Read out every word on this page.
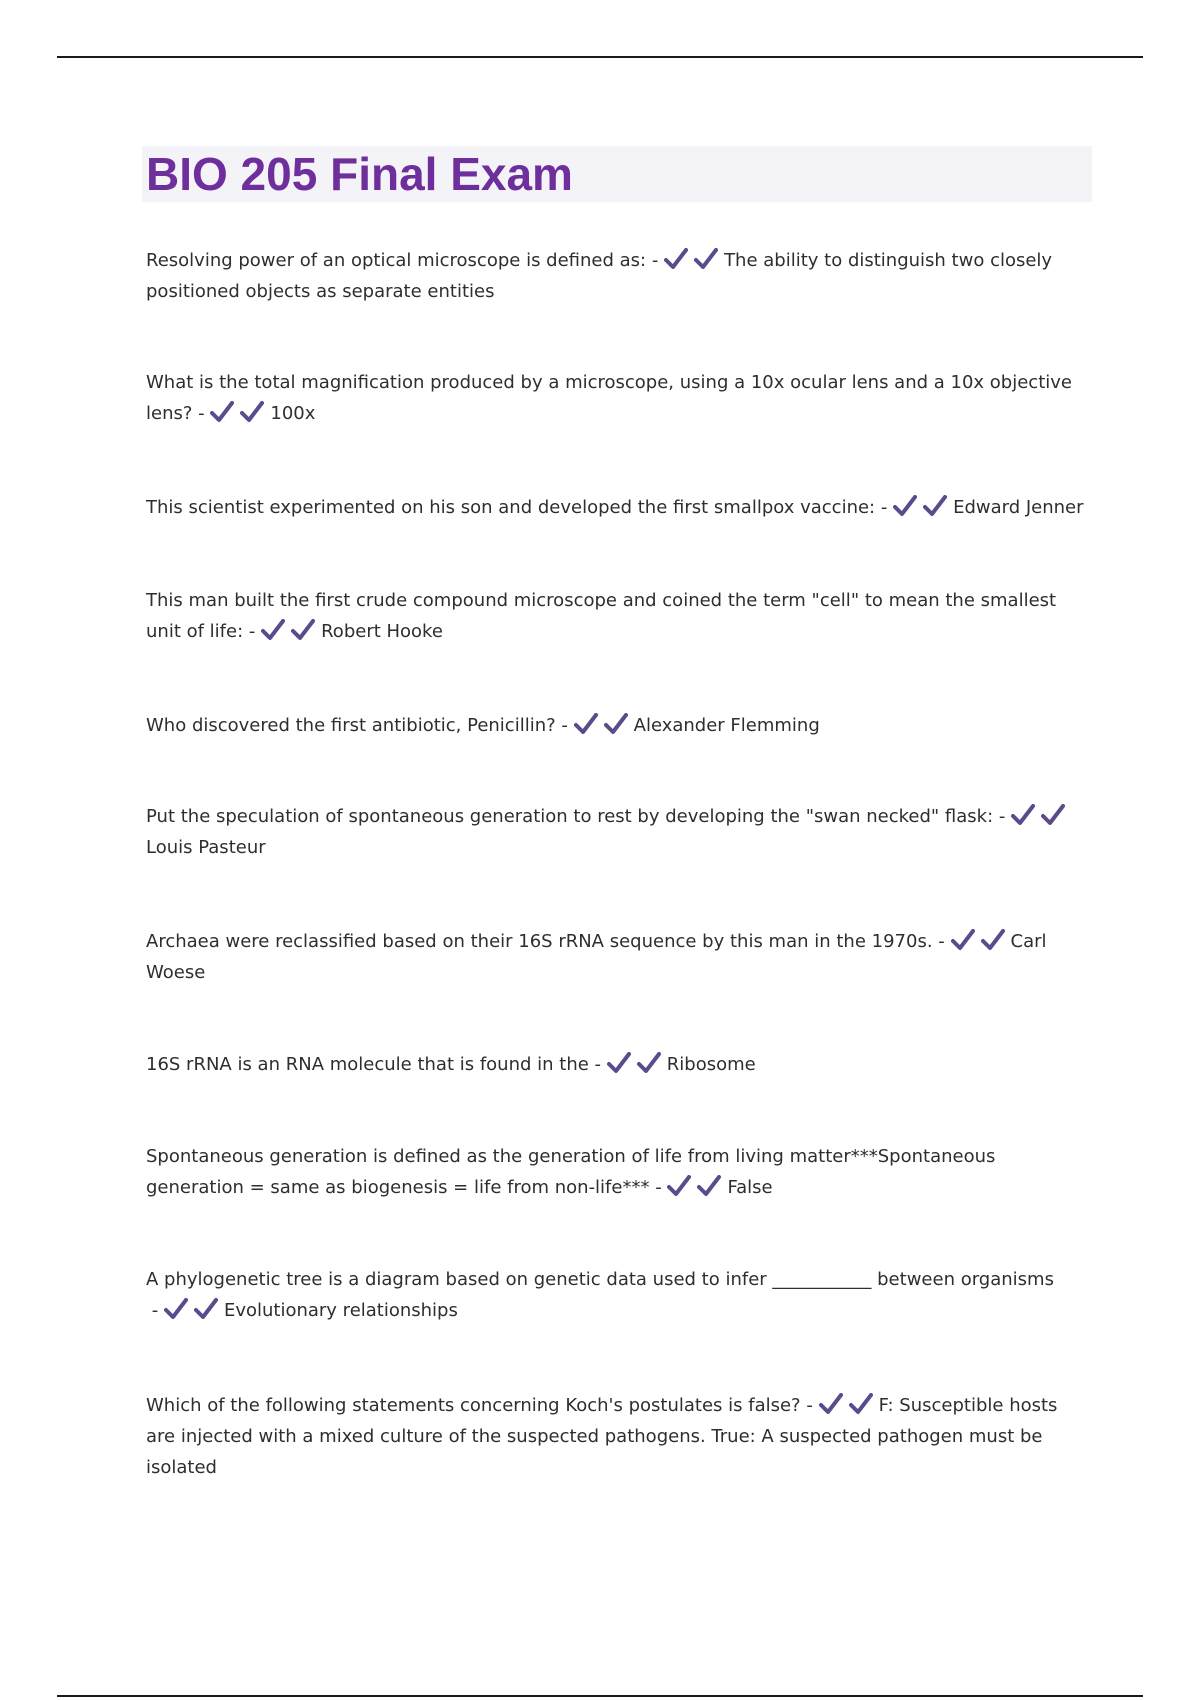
BIO 205 Final Exam
Resolving power of an optical microscope is defined as: -	The ability to distinguish two closely positioned objects as separate entities
What is the total magnification produced by a microscope, using a 10x ocular lens and a 10x objective lens? -	100x
This scientist experimented on his son and developed the first smallpox vaccine: -	Edward Jenner
This man built the first crude compound microscope and coined the term "cell" to mean the smallest unit of life: -	Robert Hooke
Who discovered the first antibiotic, Penicillin? -	Alexander Flemming
Put the speculation of spontaneous generation to rest by developing the "swan necked" flask: -
Louis Pasteur
Archaea were reclassified based on their 16S rRNA sequence by this man in the 1970s. -	Carl Woese
16S rRNA is an RNA molecule that is found in the -	Ribosome
Spontaneous generation is defined as the generation of life from living matter***Spontaneous generation = same as biogenesis = life from non-life*** -	False
A phylogenetic tree is a diagram based on genetic data used to infer ___________ between organisms -	Evolutionary relationships
Which of the following statements concerning Koch's postulates is false? -	F: Susceptible hosts are injected with a mixed culture of the suspected pathogens. True: A suspected pathogen must be isolated
